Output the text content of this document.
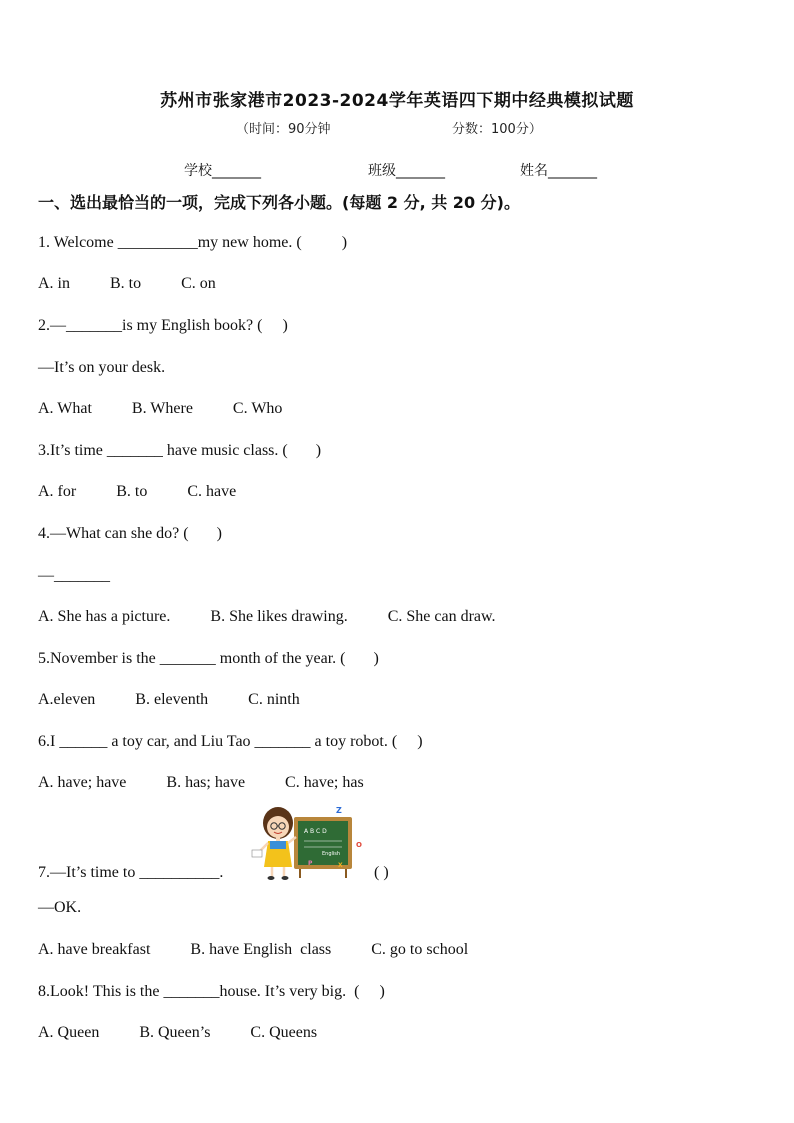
苏州市张家港市2023-2024学年英语四下期中经典模拟试题
（时间：90分钟	分数：100分）
学校_______	班级_______	姓名_______
一、选出最恰当的一项，完成下列各小题。(每题 2 分, 共 20 分)。
1. Welcome __________my new home. (          )
A. in          B. to          C. on
2.—_______is my English book? (     )
—It’s on your desk.
A. What          B. Where          C. Who
3.It’s time _______ have music class. (       )
A. for          B. to          C. have
4.—What can she do? (       )
—_______
A. She has a picture.          B. She likes drawing.          C. She can draw.
5.November is the _______ month of the year. (       )
A.eleven          B. eleventh          C. ninth
6.I ______ a toy car, and Liu Tao _______ a toy robot. (     )
A. have; have          B. has; have          C. have; has
A B C D
English
Z
O
P	X
7.—It’s time to __________.	( )
—OK.
A. have breakfast          B. have English  class          C. go to school
8.Look! This is the _______house. It’s very big.  (     )
A. Queen          B. Queen’s          C. Queens
